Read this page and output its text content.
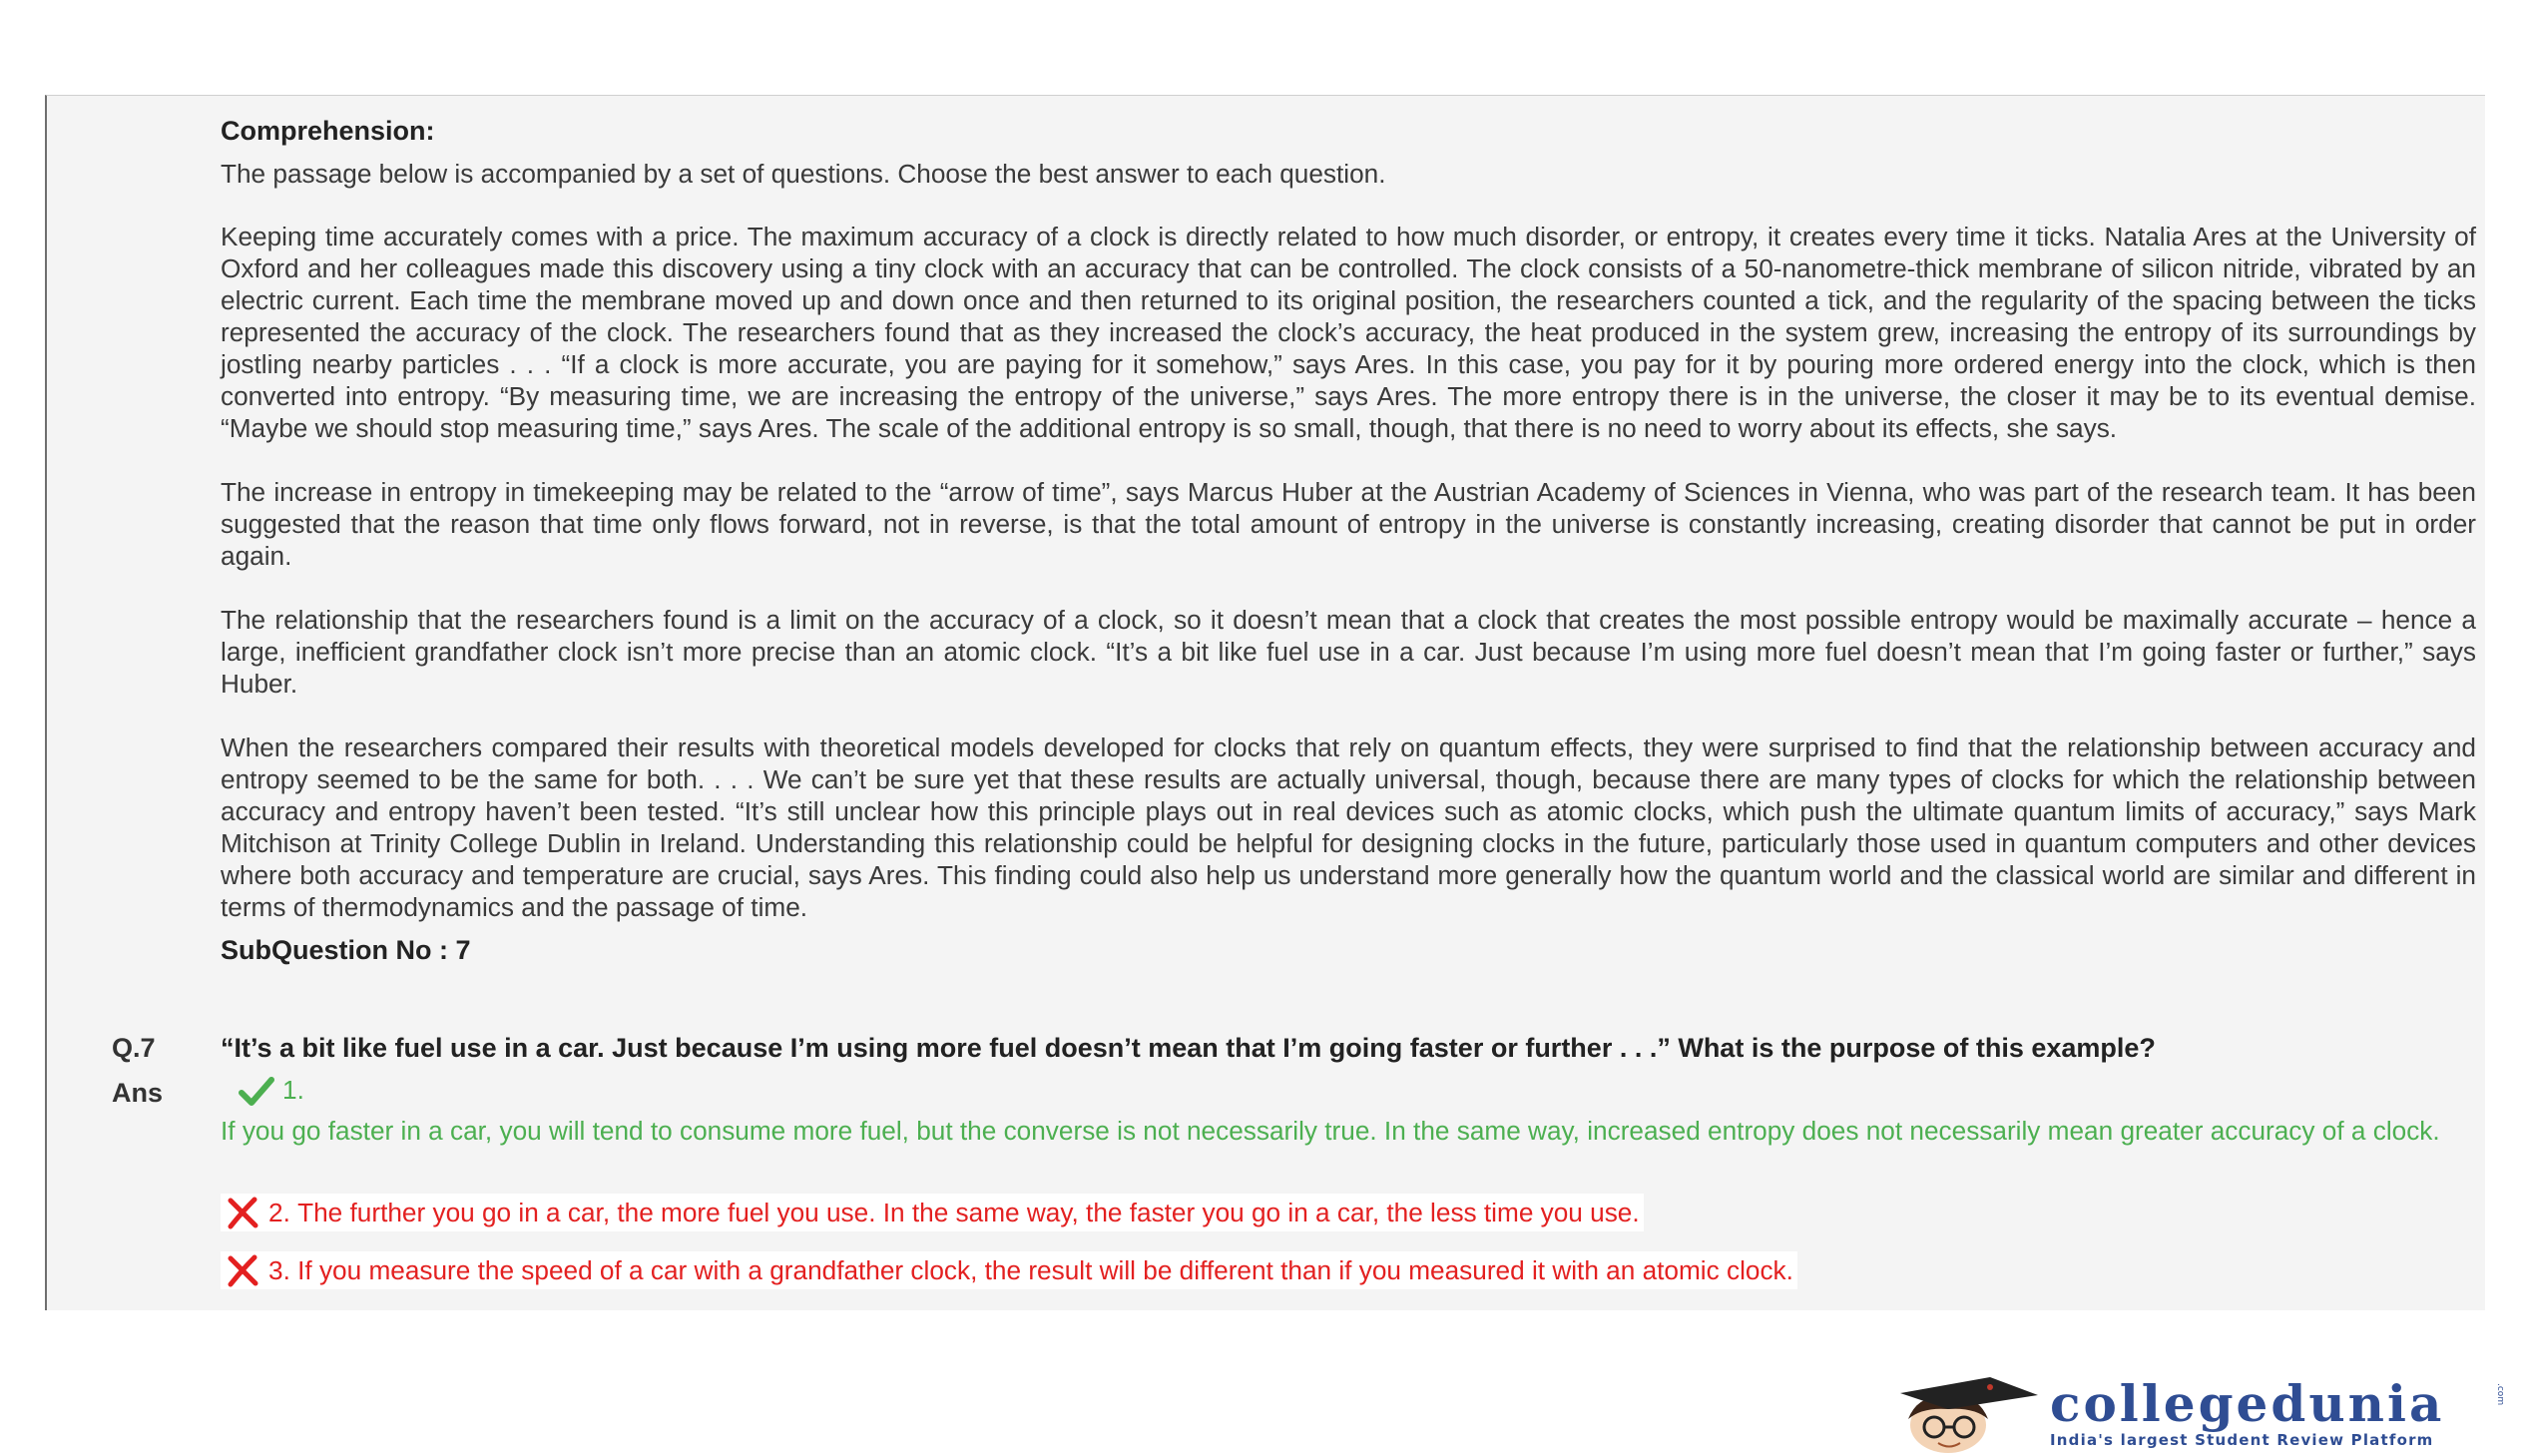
Comprehension:
The passage below is accompanied by a set of questions. Choose the best answer to each question.
Keeping time accurately comes with a price. The maximum accuracy of a clock is directly related to how much disorder, or entropy, it creates every time it ticks. Natalia Ares at the University of Oxford and her colleagues made this discovery using a tiny clock with an accuracy that can be controlled. The clock consists of a 50-nanometre-thick membrane of silicon nitride, vibrated by an electric current. Each time the membrane moved up and down once and then returned to its original position, the researchers counted a tick, and the regularity of the spacing between the ticks represented the accuracy of the clock. The researchers found that as they increased the clock’s accuracy, the heat produced in the system grew, increasing the entropy of its surroundings by jostling nearby particles . . . “If a clock is more accurate, you are paying for it somehow,” says Ares. In this case, you pay for it by pouring more ordered energy into the clock, which is then converted into entropy. “By measuring time, we are increasing the entropy of the universe,” says Ares. The more entropy there is in the universe, the closer it may be to its eventual demise. “Maybe we should stop measuring time,” says Ares. The scale of the additional entropy is so small, though, that there is no need to worry about its effects, she says.
The increase in entropy in timekeeping may be related to the “arrow of time”, says Marcus Huber at the Austrian Academy of Sciences in Vienna, who was part of the research team. It has been suggested that the reason that time only flows forward, not in reverse, is that the total amount of entropy in the universe is constantly increasing, creating disorder that cannot be put in order again.
The relationship that the researchers found is a limit on the accuracy of a clock, so it doesn’t mean that a clock that creates the most possible entropy would be maximally accurate – hence a large, inefficient grandfather clock isn’t more precise than an atomic clock. “It’s a bit like fuel use in a car. Just because I’m using more fuel doesn’t mean that I’m going faster or further,” says Huber.
When the researchers compared their results with theoretical models developed for clocks that rely on quantum effects, they were surprised to find that the relationship between accuracy and entropy seemed to be the same for both. . . . We can’t be sure yet that these results are actually universal, though, because there are many types of clocks for which the relationship between accuracy and entropy haven’t been tested. “It’s still unclear how this principle plays out in real devices such as atomic clocks, which push the ultimate quantum limits of accuracy,” says Mark Mitchison at Trinity College Dublin in Ireland. Understanding this relationship could be helpful for designing clocks in the future, particularly those used in quantum computers and other devices where both accuracy and temperature are crucial, says Ares. This finding could also help us understand more generally how the quantum world and the classical world are similar and different in terms of thermodynamics and the passage of time.
SubQuestion No : 7
Q.7 “It’s a bit like fuel use in a car. Just because I’m using more fuel doesn’t mean that I’m going faster or further . . .” What is the purpose of this example?
Ans	1.
If you go faster in a car, you will tend to consume more fuel, but the converse is not necessarily true. In the same way, increased entropy does not necessarily mean greater accuracy of a clock.
2.
The further you go in a car, the more fuel you use. In the same way, the faster you go in a car, the less time you use.
3.
If you measure the speed of a car with a grandfather clock, the result will be different than if you measured it with an atomic clock.
collegedunia
India's largest Student Review Platform
.com
